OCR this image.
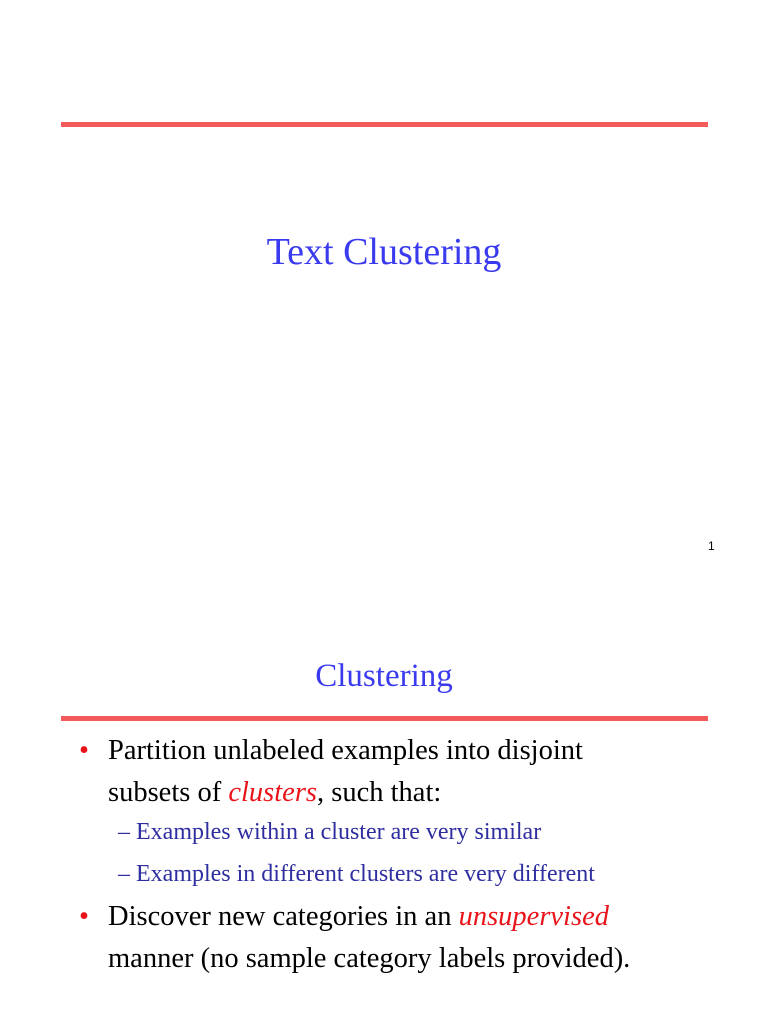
Text Clustering
1
Clustering
• Partition unlabeled examples into disjoint
subsets of clusters, such that:
– Examples within a cluster are very similar
– Examples in different clusters are very different
• Discover new categories in an unsupervised
manner (no sample category labels provided).
